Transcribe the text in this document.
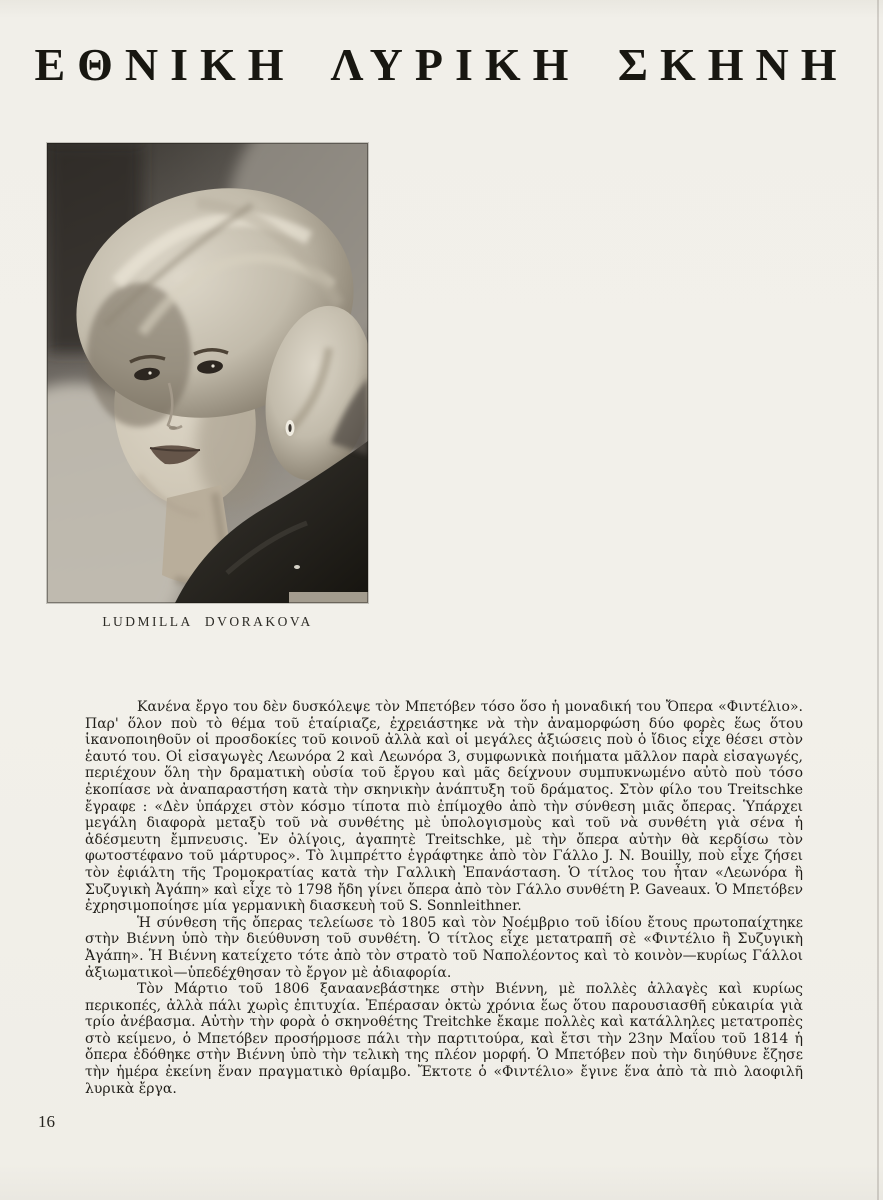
ΕΘΝΙΚΗ ΛΥΡΙΚΗ ΣΚΗΝΗ
LUDMILLA DVORAKOVA

Κανένα ἔργο του δὲν δυσκόλεψε τὸν Μπετόβεν τόσο ὅσο ἡ μοναδική του Ὄπερα «Φιντέλιο». Παρ' ὅλον ποὺ τὸ θέμα τοῦ ἑταίριαζε, ἐχρειάστηκε νὰ τὴν ἀναμορφώση δύο φορὲς ἕως ὅτου ἱκανοποιηθοῦν οἱ προσδοκίες τοῦ κοινοῦ ἀλλὰ καὶ οἱ μεγάλες ἀξιώσεις ποὺ ὁ ἴδιος εἶχε θέσει στὸν ἑαυτό του. Οἱ εἰσαγωγὲς Λεωνόρα 2 καὶ Λεωνόρα 3, συμφωνικὰ ποιήματα μᾶλλον παρὰ εἰσαγωγές, περιέχουν ὅλη τὴν δραματικὴ οὐσία τοῦ ἔργου καὶ μᾶς δείχνουν συμπυκνωμένο αὐτὸ ποὺ τόσο ἐκοπίασε νὰ ἀναπαραστήση κατὰ τὴν σκηνικὴν ἀνάπτυξη τοῦ δράματος. Στὸν φίλο του Treitschke ἔγραφε : «Δὲν ὑπάρχει στὸν κόσμο τίποτα πιὸ ἐπίμοχθο ἀπὸ τὴν σύνθεση μιᾶς ὄπερας. Ὑπάρχει μεγάλη διαφορὰ μεταξὺ τοῦ νὰ συνθέτης μὲ ὑπολογισμοὺς καὶ τοῦ νὰ συνθέτη γιὰ σένα ἡ ἀδέσμευτη ἔμπνευσις. Ἐν ὀλίγοις, ἀγαπητὲ Treitschke, μὲ τὴν ὄπερα αὐτὴν θὰ κερδίσω τὸν φωτοστέφανο τοῦ μάρτυρος». Τὸ λιμπρέττο ἐγράφτηκε ἀπὸ τὸν Γάλλο J. N. Bouilly, ποὺ εἶχε ζήσει τὸν ἐφιάλτη τῆς Τρομοκρατίας κατὰ τὴν Γαλλικὴ Ἐπανάσταση. Ὁ τίτλος του ἦταν «Λεωνόρα ἢ Συζυγικὴ Ἀγάπη» καὶ εἶχε τὸ 1798 ἤδη γίνει ὄπερα ἀπὸ τὸν Γάλλο συνθέτη P. Gaveaux. Ὁ Μπετόβεν ἐχρησιμοποίησε μία γερμανικὴ διασκευὴ τοῦ S. Sonnleithner.

Ἡ σύνθεση τῆς ὄπερας τελείωσε τὸ 1805 καὶ τὸν Νοέμβριο τοῦ ἰδίου ἔτους πρωτοπαίχτηκε στὴν Βιέννη ὑπὸ τὴν διεύθυνση τοῦ συνθέτη. Ὁ τίτλος εἶχε μετατραπῆ σὲ «Φιντέλιο ἢ Συζυγικὴ Ἀγάπη». Ἡ Βιέννη κατείχετο τότε ἀπὸ τὸν στρατὸ τοῦ Ναπολέοντος καὶ τὸ κοινὸν—κυρίως Γάλλοι ἀξιωματικοὶ—ὑπεδέχθησαν τὸ ἔργον μὲ ἀδιαφορία.

Τὸν Μάρτιο τοῦ 1806 ξαναανεβάστηκε στὴν Βιέννη, μὲ πολλὲς ἀλλαγὲς καὶ κυρίως περικοπές, ἀλλὰ πάλι χωρὶς ἐπιτυχία. Ἐπέρασαν ὀκτὼ χρόνια ἕως ὅτου παρουσιασθῆ εὐκαιρία γιὰ τρίο ἀνέβασμα. Αὐτὴν τὴν φορὰ ὁ σκηνοθέτης Treitchke ἔκαμε πολλὲς καὶ κατάλληλες μετατροπὲς στὸ κείμενο, ὁ Μπετόβεν προσήρμοσε πάλι τὴν παρτιτούρα, καὶ ἔτσι τὴν 23ην Μαΐου τοῦ 1814 ἡ ὄπερα ἐδόθηκε στὴν Βιέννη ὑπὸ τὴν τελικὴ της πλέον μορφή. Ὁ Μπετόβεν ποὺ τὴν διηύθυνε ἔζησε τὴν ἡμέρα ἐκείνη ἕναν πραγματικὸ θρίαμβο. Ἔκτοτε ὁ «Φιντέλιο» ἔγινε ἕνα ἀπὸ τὰ πιὸ λαοφιλῆ λυρικὰ ἔργα.

16
